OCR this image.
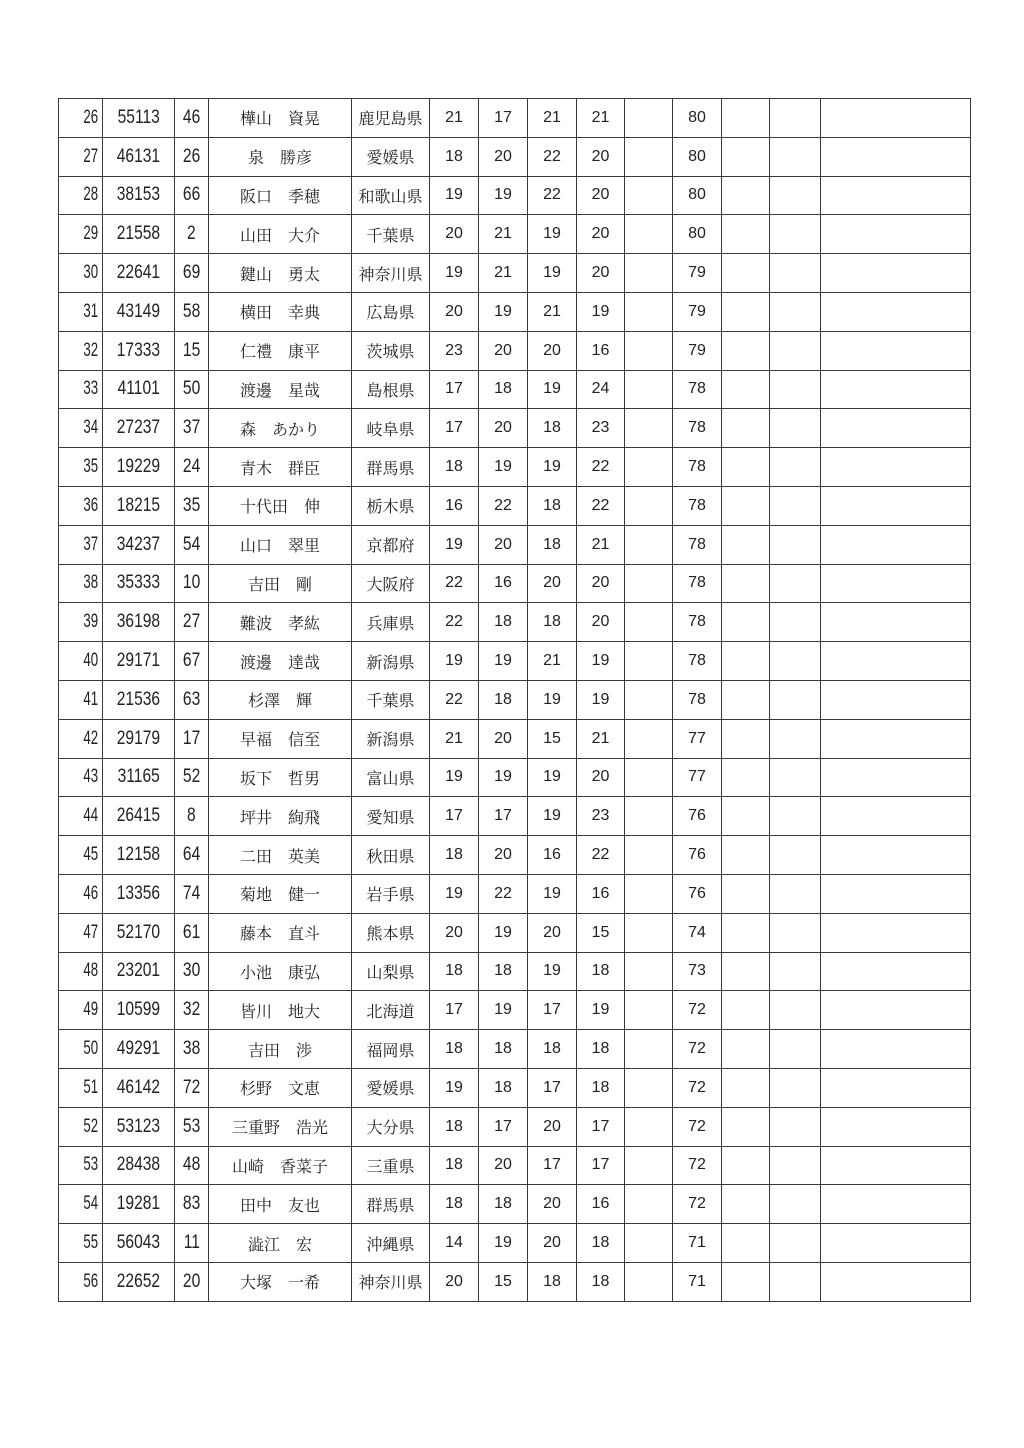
26	55113	46	樺山　資晃	鹿児島県	21	17	21	21		80			
27	46131	26	泉　勝彦	愛媛県	18	20	22	20		80			
28	38153	66	阪口　季穂	和歌山県	19	19	22	20		80			
29	21558	2	山田　大介	千葉県	20	21	19	20		80			
30	22641	69	鍵山　勇太	神奈川県	19	21	19	20		79			
31	43149	58	横田　幸典	広島県	20	19	21	19		79			
32	17333	15	仁禮　康平	茨城県	23	20	20	16		79			
33	41101	50	渡邊　星哉	島根県	17	18	19	24		78			
34	27237	37	森　あかり	岐阜県	17	20	18	23		78			
35	19229	24	青木　群臣	群馬県	18	19	19	22		78			
36	18215	35	十代田　伸	栃木県	16	22	18	22		78			
37	34237	54	山口　翠里	京都府	19	20	18	21		78			
38	35333	10	吉田　剛	大阪府	22	16	20	20		78			
39	36198	27	難波　孝紘	兵庫県	22	18	18	20		78			
40	29171	67	渡邊　達哉	新潟県	19	19	21	19		78			
41	21536	63	杉澤　輝	千葉県	22	18	19	19		78			
42	29179	17	早福　信至	新潟県	21	20	15	21		77			
43	31165	52	坂下　哲男	富山県	19	19	19	20		77			
44	26415	8	坪井　絢飛	愛知県	17	17	19	23		76			
45	12158	64	二田　英美	秋田県	18	20	16	22		76			
46	13356	74	菊地　健一	岩手県	19	22	19	16		76			
47	52170	61	藤本　直斗	熊本県	20	19	20	15		74			
48	23201	30	小池　康弘	山梨県	18	18	19	18		73			
49	10599	32	皆川　地大	北海道	17	19	17	19		72			
50	49291	38	吉田　渉	福岡県	18	18	18	18		72			
51	46142	72	杉野　文恵	愛媛県	19	18	17	18		72			
52	53123	53	三重野　浩光	大分県	18	17	20	17		72			
53	28438	48	山崎　香菜子	三重県	18	20	17	17		72			
54	19281	83	田中　友也	群馬県	18	18	20	16		72			
55	56043	11	澁江　宏	沖縄県	14	19	20	18		71			
56	22652	20	大塚　一希	神奈川県	20	15	18	18		71			
